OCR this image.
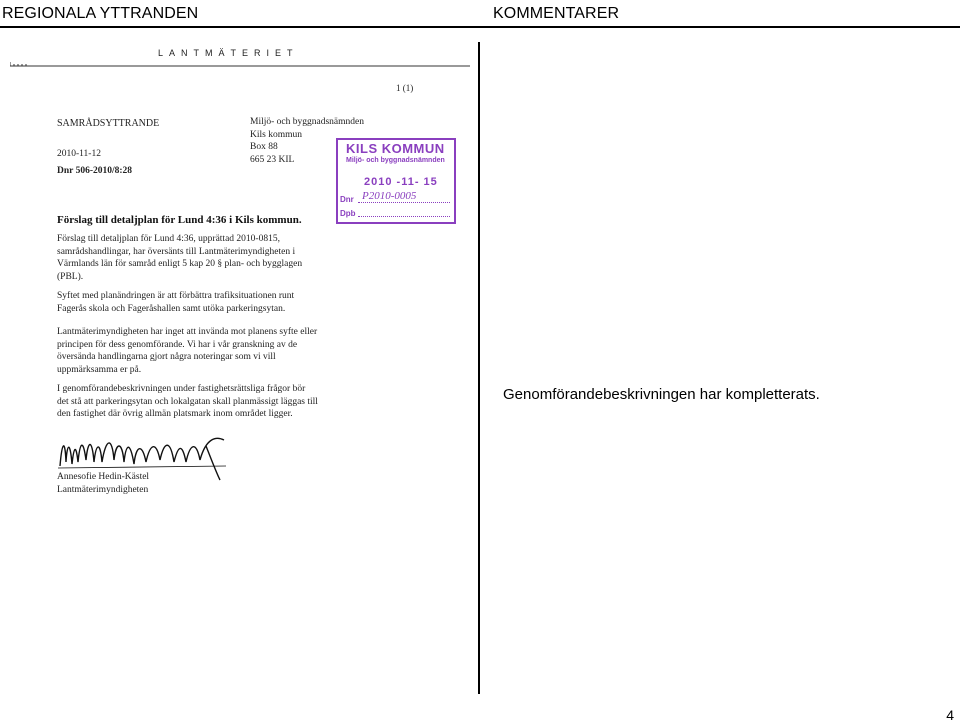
REGIONALA YTTRANDEN	KOMMENTARER
LANTMÄTERIET
1 (1)
SAMRÅDSYTTRANDE
2010-11-12
Dnr 506-2010/8:28
Miljö- och byggnadsnämnden
Kils kommun
Box 88
665 23 KIL
KILS KOMMUN
Miljö- och byggnadsnämnden
2010 -11- 15
Dnr P2010-0005
Dpb
Förslag till detaljplan för Lund 4:36 i Kils kommun.
Förslag till detaljplan för Lund 4:36, upprättad 2010-0815,
samrådshandlingar, har översänts till Lantmäterimyndigheten i
Värmlands län för samråd enligt 5 kap 20 § plan- och bygglagen
(PBL).
Syftet med planändringen är att förbättra trafiksituationen runt
Fagerås skola och Fageråshallen samt utöka parkeringsytan.
Lantmäterimyndigheten har inget att invända mot planens syfte eller
principen för dess genomförande. Vi har i vår granskning av de
översända handlingarna gjort några noteringar som vi vill
uppmärksamma er på.
I genomförandebeskrivningen under fastighetsrättsliga frågor bör
det stå att parkeringsytan och lokalgatan skall planmässigt läggas till
den fastighet där övrig allmän platsmark inom området ligger.
Annesofie Hedin-Kästel
Lantmäterimyndigheten
Genomförandebeskrivningen har kompletterats.
4
